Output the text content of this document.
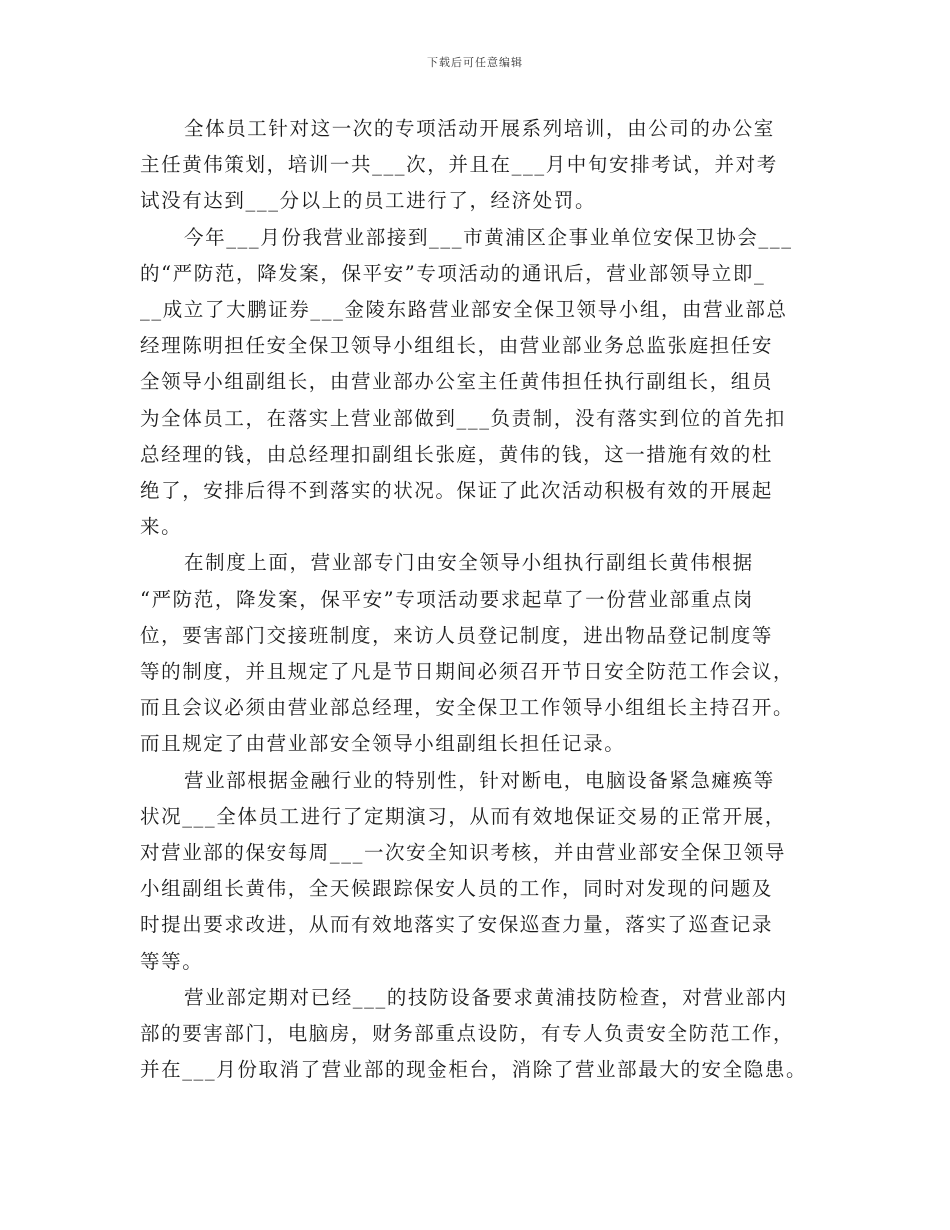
下载后可任意编辑
全体员工针对这一次的专项活动开展系列培训，由公司的办公室
主任黄伟策划，培训一共___次，并且在___月中旬安排考试，并对考
试没有达到___分以上的员工进行了，经济处罚。
今年___月份我营业部接到___市黄浦区企事业单位安保卫协会___
的“严防范，降发案，保平安”专项活动的通讯后，营业部领导立即_
__成立了大鹏证券___金陵东路营业部安全保卫领导小组，由营业部总
经理陈明担任安全保卫领导小组组长，由营业部业务总监张庭担任安
全领导小组副组长，由营业部办公室主任黄伟担任执行副组长，组员
为全体员工，在落实上营业部做到___负责制，没有落实到位的首先扣
总经理的钱，由总经理扣副组长张庭，黄伟的钱，这一措施有效的杜
绝了，安排后得不到落实的状况。保证了此次活动积极有效的开展起
来。
在制度上面，营业部专门由安全领导小组执行副组长黄伟根据
“严防范，降发案，保平安”专项活动要求起草了一份营业部重点岗
位，要害部门交接班制度，来访人员登记制度，进出物品登记制度等
等的制度，并且规定了凡是节日期间必须召开节日安全防范工作会议，
而且会议必须由营业部总经理，安全保卫工作领导小组组长主持召开。
而且规定了由营业部安全领导小组副组长担任记录。
营业部根据金融行业的特别性，针对断电，电脑设备紧急瘫痪等
状况___全体员工进行了定期演习，从而有效地保证交易的正常开展，
对营业部的保安每周___一次安全知识考核，并由营业部安全保卫领导
小组副组长黄伟，全天候跟踪保安人员的工作，同时对发现的问题及
时提出要求改进，从而有效地落实了安保巡查力量，落实了巡查记录
等等。
营业部定期对已经___的技防设备要求黄浦技防检查，对营业部内
部的要害部门，电脑房，财务部重点设防，有专人负责安全防范工作，
并在___月份取消了营业部的现金柜台，消除了营业部最大的安全隐患。
